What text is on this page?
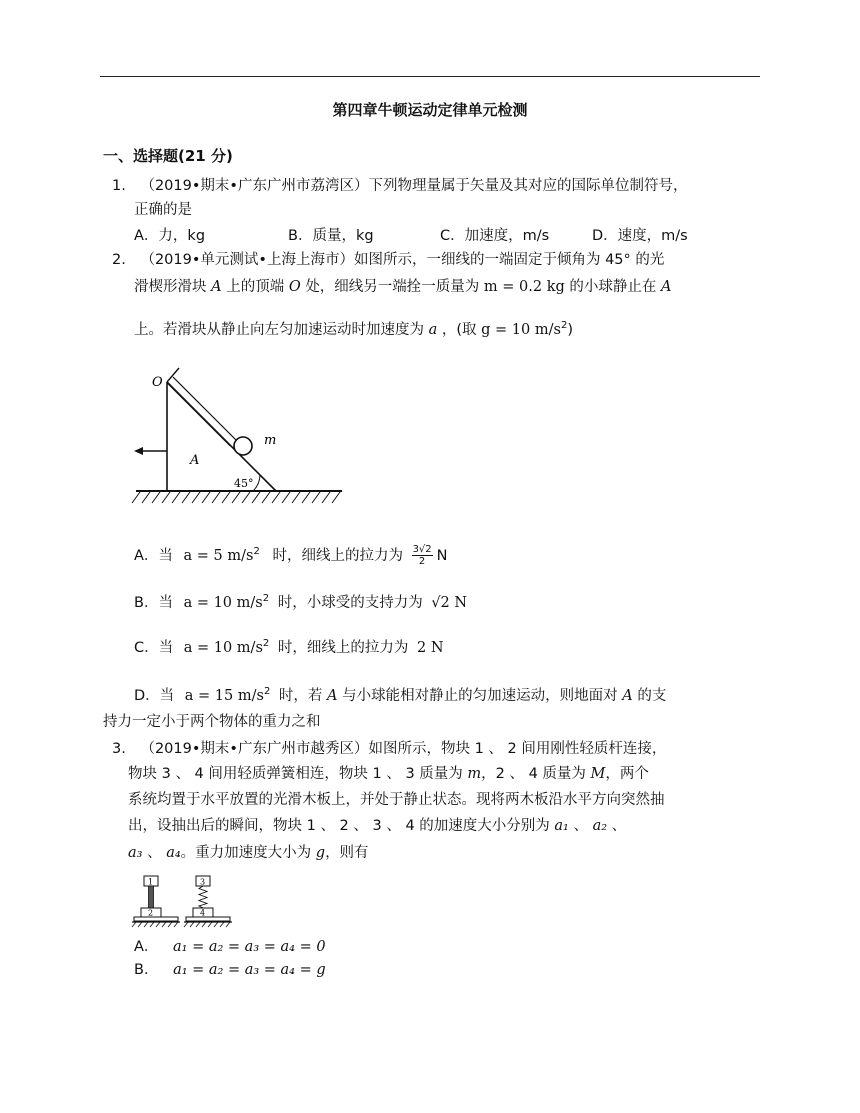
第四章牛顿运动定律单元检测
一、选择题(21 分)
1. （2019•期末•广东广州市荔湾区）下列物理量属于矢量及其对应的国际单位制符号，
正确的是
A．力，kg	B．质量，kg	C．加速度，m/s	D．速度，m/s
2. （2019•单元测试•上海上海市）如图所示，一细线的一端固定于倾角为 45° 的光
滑楔形滑块 A 上的顶端 O 处，细线另一端拴一质量为 m = 0.2 kg 的小球静止在 A
上。若滑块从静止向左匀加速运动时加速度为 a ，(取 g = 10 $m/s^2$)
O
m
A
45°
A．当 a = 5 $m/s^2$ 时，细线上的拉力为 $\frac{3√2}{2}$ N
B．当 a = 10 $m/s^2$ 时，小球受的支持力为 √2 N
C．当 a = 10 $m/s^2$ 时，细线上的拉力为 2 N
D．当 a = 15 $m/s^2$ 时，若 A 与小球能相对静止的匀加速运动，则地面对 A 的支
持力一定小于两个物体的重力之和
3. （2019•期末•广东广州市越秀区）如图所示，物块 1 、 2 间用刚性轻质杆连接，
物块 3 、 4 间用轻质弹簧相连，物块 1 、 3 质量为 m，2 、 4 质量为 M，两个
系统均置于水平放置的光滑木板上，并处于静止状态。现将两木板沿水平方向突然抽
出，设抽出后的瞬间，物块 1 、 2 、 3 、 4 的加速度大小分别为 a₁ 、 a₂ 、
a₃ 、 a₄。重力加速度大小为 g，则有
1
2
3
4
A． a₁ = a₂ = a₃ = a₄ = 0
B． a₁ = a₂ = a₃ = a₄ = g
